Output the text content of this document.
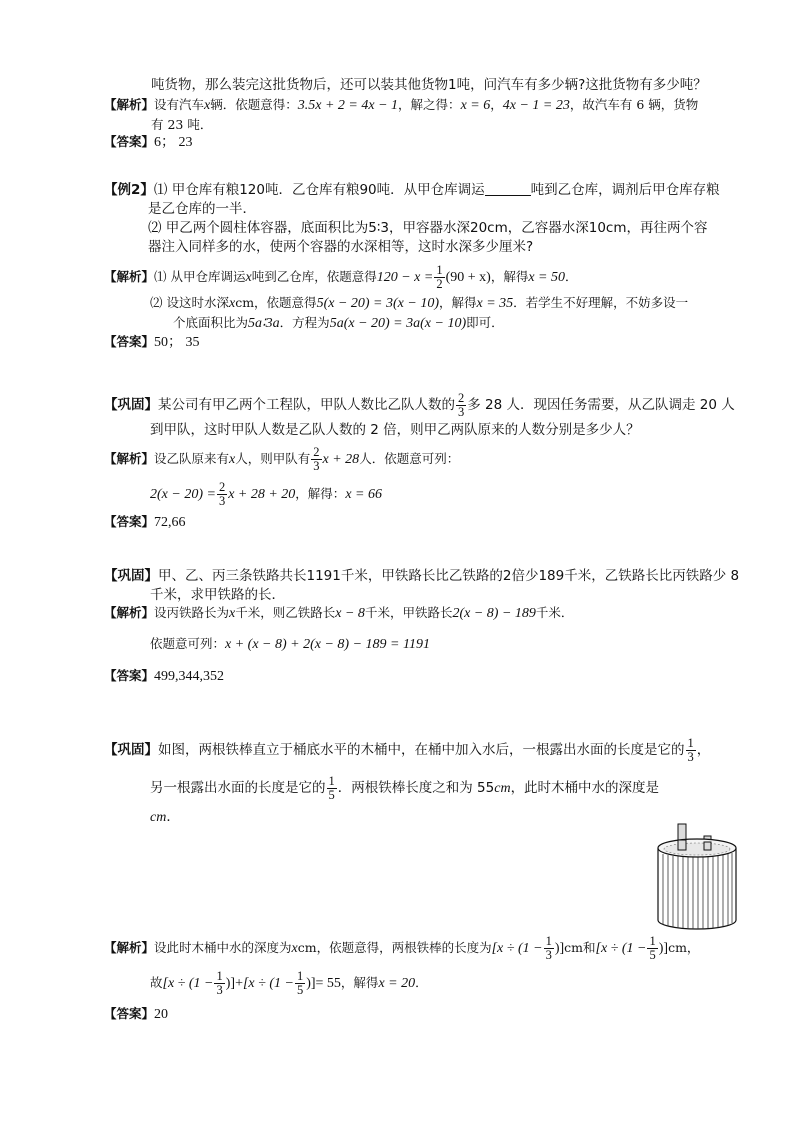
吨货物，那么装完这批货物后，还可以装其他货物1吨，问汽车有多少辆?这批货物有多少吨？
【解析】设有汽车x辆．依题意得：3.5x + 2 = 4x − 1，解之得：x = 6，4x − 1 = 23，故汽车有 6 辆，货物
有 23 吨．
【答案】6； 23
【例2】⑴ 甲仓库有粮120吨．乙仓库有粮90吨．从甲仓库调运	吨到乙仓库，调剂后甲仓库存粮
是乙仓库的一半．
⑵ 甲乙两个圆柱体容器，底面积比为5∶3，甲容器水深20cm，乙容器水深10cm，再往两个容
器注入同样多的水，使两个容器的水深相等，这时水深多少厘米?
【解析】⑴ 从甲仓库调运x吨到乙仓库，依题意得$120 - x = \frac{1}{2} (90 + x)$，解得x = 50．
⑵ 设这时水深xcm，依题意得5(x − 20) = 3(x − 10)，解得x = 35．若学生不好理解，不妨多设一
个底面积比为5a∶3a．方程为5a(x − 20) = 3a(x − 10)即可．
【答案】50； 35
【巩固】某公司有甲乙两个工程队，甲队人数比乙队人数的 $\frac{2}{3}$ 多 28 人．现因任务需要，从乙队调走 20 人
到甲队，这时甲队人数是乙队人数的 2 倍，则甲乙两队原来的人数分别是多少人？
【解析】设乙队原来有x人，则甲队有 $\frac{2}{3}$ x + 28人．依题意可列：
$2(x - 20) = \frac{2}{3}$ x + 28 + 20，解得：x = 66
【答案】72,66
【巩固】甲、乙、丙三条铁路共长1191千米，甲铁路长比乙铁路的2倍少189千米，乙铁路长比丙铁路少 8
千米，求甲铁路的长．
【解析】设丙铁路长为x千米，则乙铁路长x − 8千米，甲铁路长2(x − 8) − 189千米．
依题意可列：x + (x − 8) + 2(x − 8) − 189 = 1191
【答案】499,344,352
【巩固】如图，两根铁棒直立于桶底水平的木桶中，在桶中加入水后，一根露出水面的长度是它的 $\frac{1}{3}$ ，
另一根露出水面的长度是它的 $\frac{1}{5}$ ．两根铁棒长度之和为 55cm，此时木桶中水的深度是
cm．
【解析】设此时木桶中水的深度为xcm，依题意得，两根铁棒的长度为$[x \div (1 - \frac{1}{3} )]cm$和$[x \div (1 - \frac{1}{5} )]cm$，
故$[x \div (1 - \frac{1}{3} )]+[x \div (1 - \frac{1}{5}$ )]= 55，解得x = 20．
【答案】20
